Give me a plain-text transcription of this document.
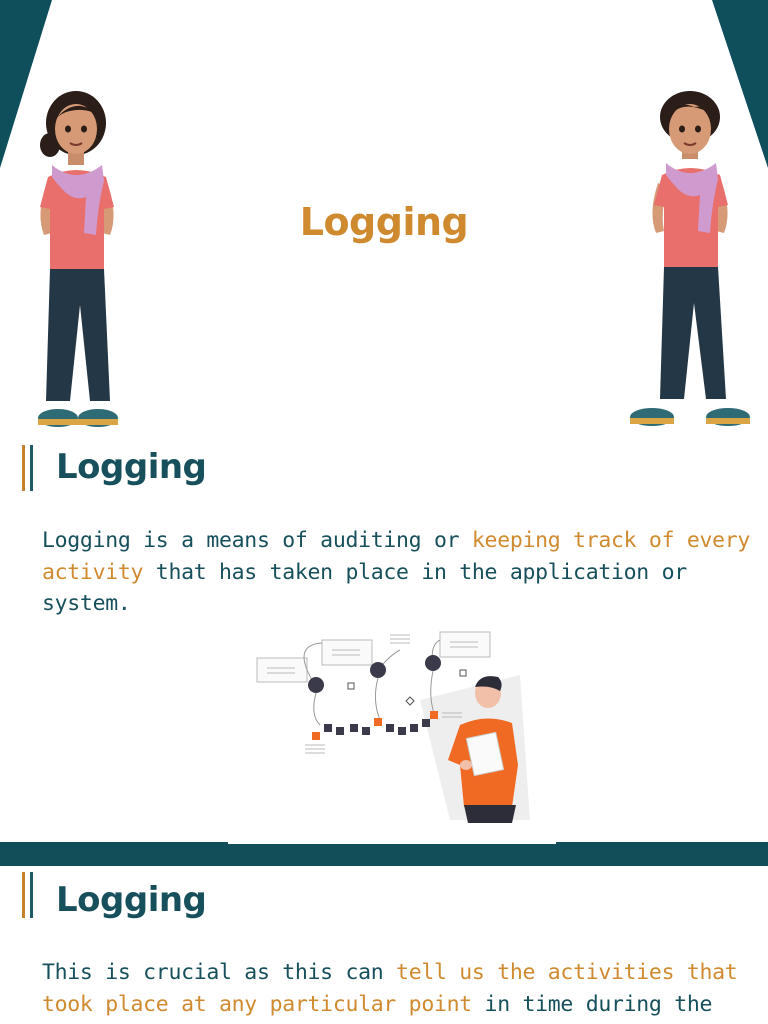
Logging
Logging
Logging is a means of auditing or keeping track of every activity that has taken place in the application or system.
Logging
This is crucial as this can tell us the activities that took place at any particular point in time during the
